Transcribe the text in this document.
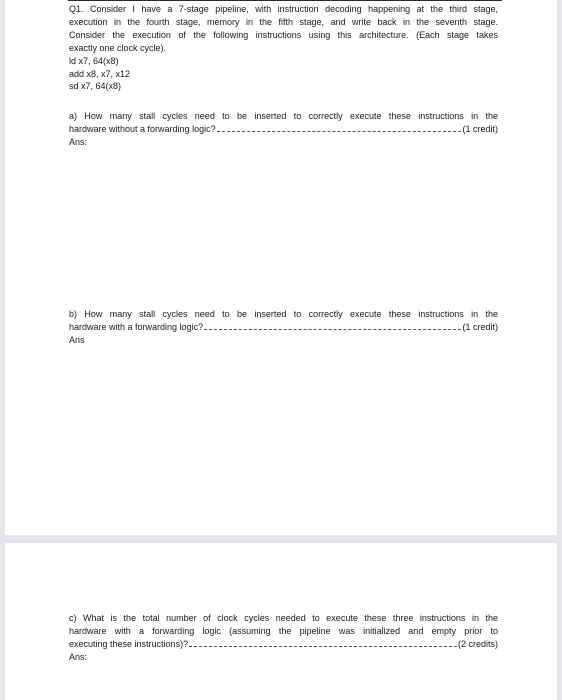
Q1. Consider I have a 7-stage pipeline, with instruction decoding happening at the third stage,
execution in the fourth stage, memory in the fifth stage, and write back in the seventh stage.
Consider the execution of the following instructions using this architecture. (Each stage takes
exactly one clock cycle).
ld x7, 64(x8)
add x8, x7, x12
sd x7, 64(x8)
a) How many stall cycles need to be inserted to correctly execute these instructions in the
hardware without a forwarding logic?	(1 credit)
Ans:
b) How many stall cycles need to be inserted to correctly execute these instructions in the
hardware with a forwarding logic?	(1 credit)
Ans
c) What is the total number of clock cycles needed to execute these three instructions in the
hardware with a forwarding logic (assuming the pipeline was initialized and empty prior to
executing these instructions)?	(2 credits)
Ans:
